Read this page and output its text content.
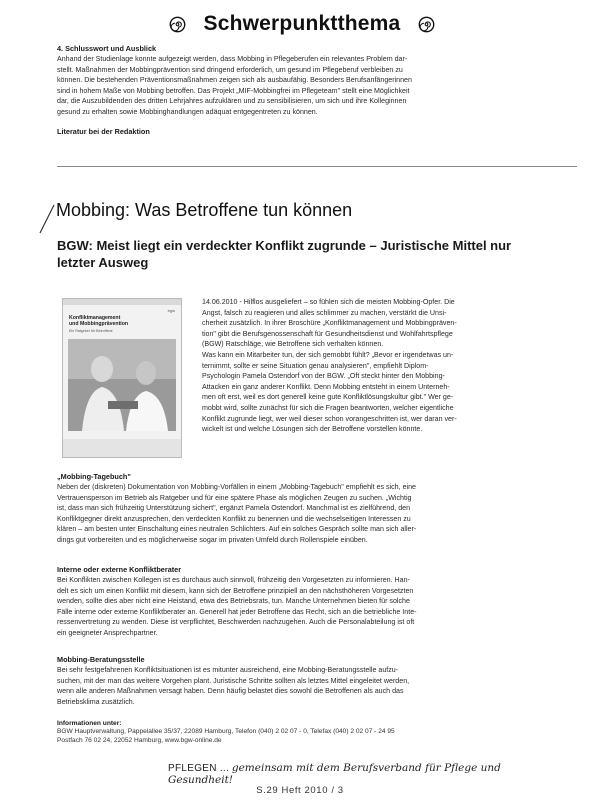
Schwerpunktthema
4. Schlusswort und Ausblick
Anhand der Studienlage konnte aufgezeigt werden, dass Mobbing in Pflegeberufen ein relevantes Problem dar-
stellt. Maßnahmen der Mobbingprävention sind dringend erforderlich, um gesund im Pflegeberuf verbleiben zu
können. Die bestehenden Präventionsmaßnahmen zeigen sich als ausbaufähig. Besonders Berufsanfängerinnen
sind in hohem Maße von Mobbing betroffen. Das Projekt „MIF-Mobbingfrei im Pflegeteam" stellt eine Möglichkeit
dar, die Auszubildenden des dritten Lehrjahres aufzuklären und zu sensibilisieren, um sich und ihre Kolleginnen
gesund zu erhalten sowie Mobbinghandlungen adäquat entgegentreten zu können.
Literatur bei der Redaktion
Mobbing: Was Betroffene tun können
BGW: Meist liegt ein verdeckter Konflikt zugrunde – Juristische Mittel nur
letzter Ausweg
bgw
Konfliktmanagement
und Mobbingprävention
Ein Ratgeber für Betroffene
14.06.2010 - Hilflos ausgeliefert – so fühlen sich die meisten Mobbing-Opfer. Die
Angst, falsch zu reagieren und alles schlimmer zu machen, verstärkt die Unsi-
cherheit zusätzlich. In ihrer Broschüre „Konfliktmanagement und Mobbingpräven-
tion" gibt die Berufsgenossenschaft für Gesundheitsdienst und Wohlfahrtspflege
(BGW) Ratschläge, wie Betroffene sich verhalten können.
Was kann ein Mitarbeiter tun, der sich gemobbt fühlt? „Bevor er irgendetwas un-
ternimmt, sollte er seine Situation genau analysieren", empfiehlt Diplom-
Psychologin Pamela Ostendorf von der BGW. „Oft steckt hinter den Mobbing-
Attacken ein ganz anderer Konflikt. Denn Mobbing entsteht in einem Unterneh-
men oft erst, weil es dort generell keine gute Konfliktlösungskultur gibt." Wer ge-
mobbt wird, sollte zunächst für sich die Fragen beantworten, welcher eigentliche
Konflikt zugrunde liegt, wer weil dieser schon vorangeschritten ist, wer daran ver-
wickelt ist und welche Lösungen sich der Betroffene vorstellen könnte.
„Mobbing-Tagebuch"
Neben der (diskreten) Dokumentation von Mobbing-Vorfällen in einem „Mobbing-Tagebuch" empfiehlt es sich, eine
Vertrauensperson im Betrieb als Ratgeber und für eine spätere Phase als möglichen Zeugen zu suchen. „Wichtig
ist, dass man sich frühzeitig Unterstützung sichert", ergänzt Pamela Ostendorf. Manchmal ist es zielführend, den
Konfliktgegner direkt anzusprechen, den verdeckten Konflikt zu benennen und die wechselseitigen Interessen zu
klären – am besten unter Einschaltung eines neutralen Schlichters. Auf ein solches Gespräch sollte man sich aller-
dings gut vorbereiten und es möglicherweise sogar im privaten Umfeld durch Rollenspiele einüben.
Interne oder externe Konfliktberater
Bei Konflikten zwischen Kollegen ist es durchaus auch sinnvoll, frühzeitig den Vorgesetzten zu informieren. Han-
delt es sich um einen Konflikt mit diesem, kann sich der Betroffene prinzipiell an den nächsthöheren Vorgesetzten
wenden, sollte dies aber nicht eine Heistand, etwa des Betriebsrats, tun. Manche Unternehmen bieten für solche
Fälle interne oder externe Konfliktberater an. Generell hat jeder Betroffene das Recht, sich an die betriebliche Inte-
ressenvertretung zu wenden. Diese ist verpflichtet, Beschwerden nachzugehen. Auch die Personalabteilung ist oft
ein geeigneter Ansprechpartner.
Mobbing-Beratungsstelle
Bei sehr festgefahrenen Konfliktsituationen ist es mitunter ausreichend, eine Mobbing-Beratungsstelle aufzu-
suchen, mit der man das weitere Vorgehen plant. Juristische Schritte sollten als letztes Mittel eingeleitet werden,
wenn alle anderen Maßnahmen versagt haben. Denn häufig belastet dies sowohl die Betroffenen als auch das
Betriebsklima zusätzlich.
Informationen unter:
BGW Hauptverwaltung, Pappelallee 35/37, 22089 Hamburg, Telefon (040) 2 02 07 - 0, Telefax (040) 2 02 07 - 24 95
Postfach 76 02 24, 22052 Hamburg, www.bgw-online.de
PFLEGEN ... gemeinsam mit dem Berufsverband für Pflege und Gesundheit!
S.29 Heft 2010 / 3
